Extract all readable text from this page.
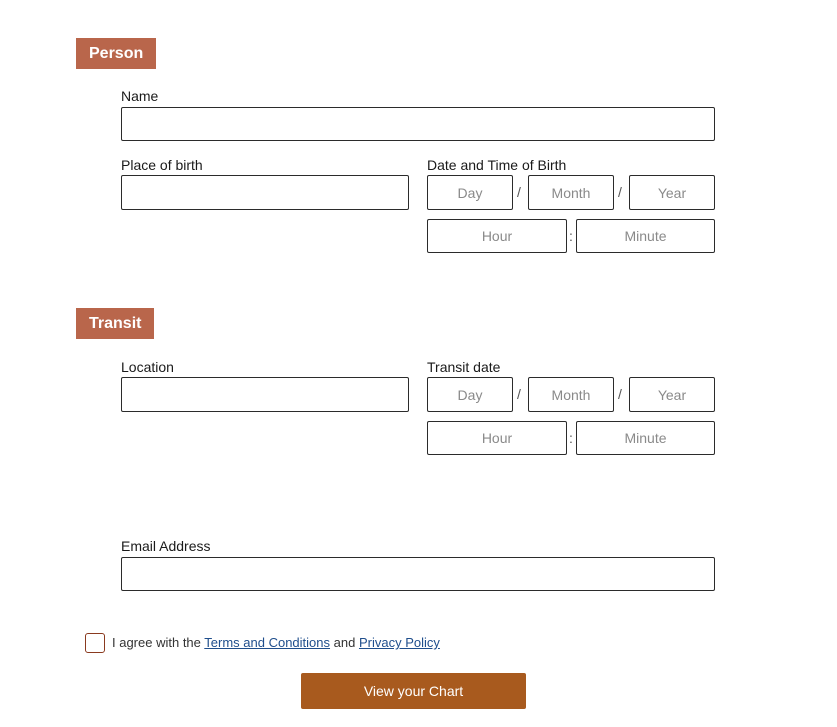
Person
Name
Place of birth	Date and Time of Birth
Day
/
Month	/
Year
Hour
:
Minute
Transit
Location	Transit date
Day
/
Month	/
Year
Hour
:
Minute
Email Address
I agree with the Terms and Conditions and Privacy Policy
View your Chart
